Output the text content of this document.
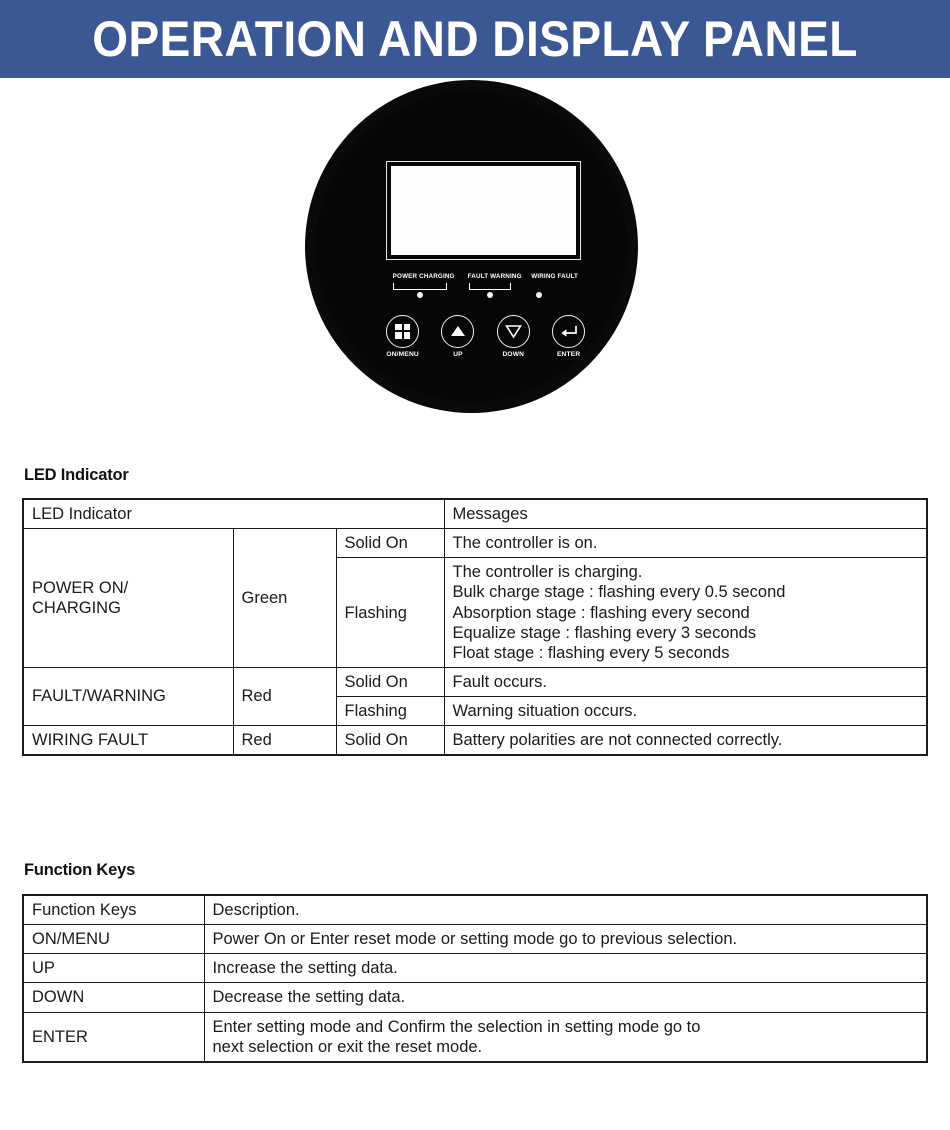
OPERATION AND DISPLAY PANEL
POWER CHARGING	FAULT WARNING	WIRING FAULT
ON/MENU	UP	DOWN	ENTER
LED Indicator
LED Indicator			Messages
POWER ON/
CHARGING	Green	Solid On	The controller is on.

		Flashing	The controller is charging.
Bulk charge stage : flashing every 0.5 second
Absorption stage : flashing every second
Equalize stage : flashing every 3 seconds
Float stage : flashing every 5 seconds

FAULT/WARNING	Red	Solid On	Fault occurs.
		Flashing	Warning situation occurs.
WIRING FAULT	Red	Solid On	Battery polarities are not connected correctly.
Function Keys
Function Keys	Description.
ON/MENU	Power On or Enter reset mode or setting mode go to previous selection.
UP	Increase the setting data.
DOWN	Decrease the setting data.
ENTER	Enter setting mode and Confirm the selection in setting mode go to
next selection or exit the reset mode.
